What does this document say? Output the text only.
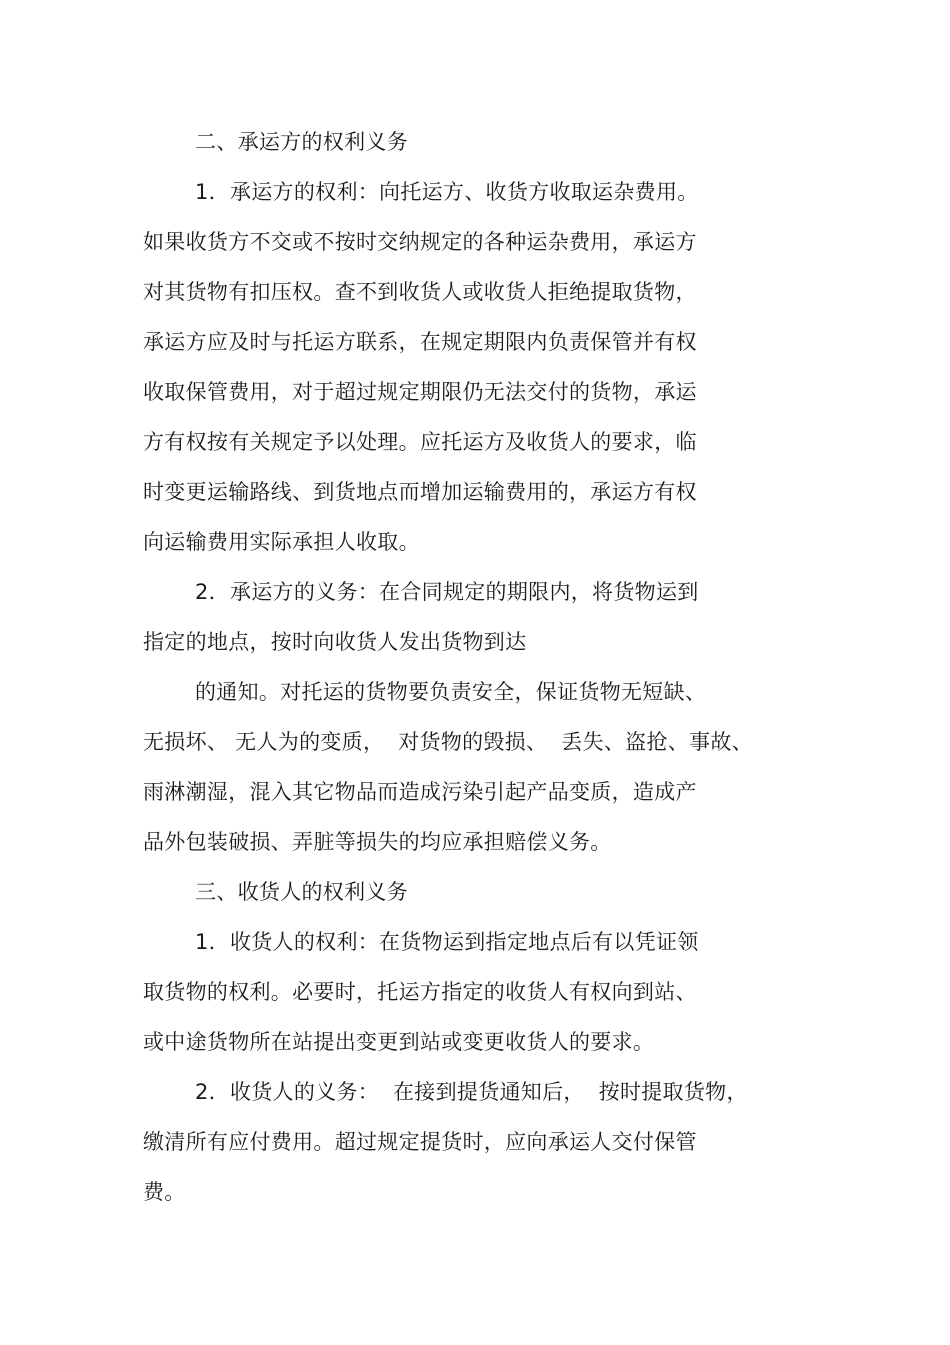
二、承运方的权利义务
1．承运方的权利：向托运方、收货方收取运杂费用。
如果收货方不交或不按时交纳规定的各种运杂费用，承运方
对其货物有扣压权。查不到收货人或收货人拒绝提取货物，
承运方应及时与托运方联系，在规定期限内负责保管并有权
收取保管费用，对于超过规定期限仍无法交付的货物，承运
方有权按有关规定予以处理。应托运方及收货人的要求，临
时变更运输路线、到货地点而增加运输费用的，承运方有权
向运输费用实际承担人收取。
2．承运方的义务：在合同规定的期限内，将货物运到
指定的地点，按时向收货人发出货物到达
的通知。对托运的货物要负责安全，保证货物无短缺、
无损坏、 无人为的变质，  对货物的毁损、  丢失、盗抢、事故、
雨淋潮湿，混入其它物品而造成污染引起产品变质，造成产
品外包装破损、弄脏等损失的均应承担赔偿义务。
三、收货人的权利义务
1．收货人的权利：在货物运到指定地点后有以凭证领
取货物的权利。必要时，托运方指定的收货人有权向到站、
或中途货物所在站提出变更到站或变更收货人的要求。
2．收货人的义务：  在接到提货通知后，  按时提取货物，
缴清所有应付费用。超过规定提货时，应向承运人交付保管
费。
